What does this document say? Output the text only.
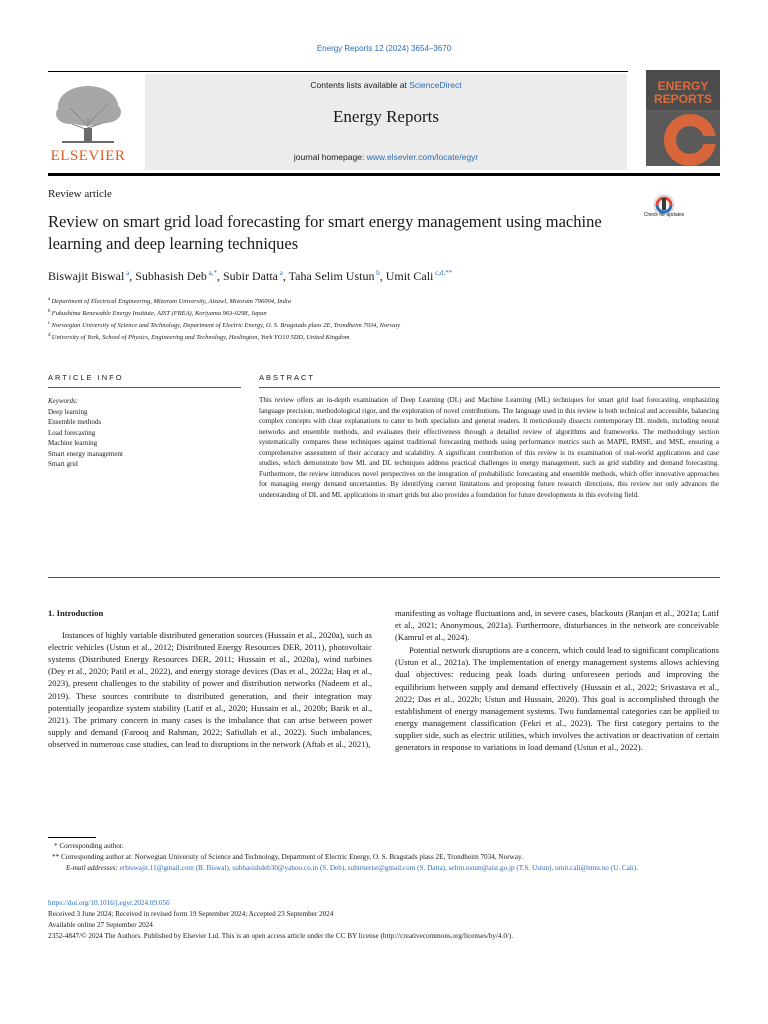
Energy Reports 12 (2024) 3654–3670
ELSEVIER
Contents lists available at ScienceDirect
Energy Reports
journal homepage: www.elsevier.com/locate/egyr
ENERGY
REPORTS
Review article
Review on smart grid load forecasting for smart energy management using machine learning and deep learning techniques
Check for updates
Biswajit Biswal $^a$, Subhasish Deb $^{a,*}$, Subir Datta $^a$, Taha Selim Ustun $^b$, Umit Cali $^{c,d,**}$
$^a$ Department of Electrical Engineering, Mizoram University, Aizawl, Mizoram 796004, India
$^b$ Fukushima Renewable Energy Institute, AIST (FREA), Koriyama 963-0298, Japan
$^c$ Norwegian University of Science and Technology, Department of Electric Energy, O. S. Bragstads plass 2E, Trondheim 7034, Norway
$^d$ University of York, School of Physics, Engineering and Technology, Heslington, York YO10 5DD, United Kingdom
ARTICLE INFO	ABSTRACT
Keywords:
Deep learning
Ensemble methods
Load forecasting
Machine learning
Smart energy management
Smart grid
This review offers an in-depth examination of Deep Learning (DL) and Machine Learning (ML) techniques for smart grid load forecasting, emphasizing language precision, methodological rigor, and the exploration of novel contributions. The language used in this review is both technical and accessible, balancing complex concepts with clear explanations to cater to both specialists and general readers. It meticulously dissects contemporary DL models, including neural networks and ensemble methods, and evaluates their effectiveness through a detailed review of algorithms and frameworks. The methodology section systematically compares these techniques against traditional forecasting methods using performance metrics such as MAPE, RMSE, and MSE, ensuring a comprehensive assessment of their accuracy and scalability. A significant contribution of this review is its examination of real-world applications and case studies, which demonstrate how ML and DL techniques address practical challenges in energy management, such as grid stability and demand forecasting. Furthermore, the review introduces novel perspectives on the integration of probabilistic forecasting and ensemble methods, which offer innovative approaches for managing energy demand uncertainties. By identifying current limitations and proposing future research directions, this review not only advances the understanding of DL and ML applications in smart grids but also provides a foundation for future developments in this evolving field.
1. Introduction

Instances of highly variable distributed generation sources (Hussain et al., 2020a), such as electric vehicles (Ustun et al., 2012; Distributed Energy Resources DER, 2011), photovoltaic systems (Distributed Energy Resources DER, 2011; Hussain et al., 2020a), wind turbines (Dey et al., 2020; Patil et al., 2022), and energy storage devices (Das et al., 2022a; Haq et al., 2023), present challenges to the stability of power and distribution networks (Nadeem et al., 2019). These sources contribute to distributed generation, and their integration may potentially jeopardize system stability (Latif et al., 2020; Hussain et al., 2020b; Barik et al., 2021). The primary concern in many cases is the imbalance that can arise between power supply and demand (Farooq and Rahman, 2022; Safiullah et al., 2022). Such imbalances, observed in numerous case studies, can lead to disruptions in the network (Aftab et al., 2021),

manifesting as voltage fluctuations and, in severe cases, blackouts (Ranjan et al., 2021a; Latif et al., 2021; Anonymous, 2021a). Furthermore, disturbances in the network are conceivable (Kamrul et al., 2024).

Potential network disruptions are a concern, which could lead to significant complications (Ustun et al., 2021a). The implementation of energy management systems allows achieving dual objectives: reducing peak loads during unforeseen periods and improving the equilibrium between supply and demand effectively (Hussain et al., 2022; Srivastava et al., 2022; Das et al., 2022b; Ustun and Hussain, 2020). This goal is accomplished through the establishment of energy management systems. Two fundamental categories can be applied to energy management classification (Fekri et al., 2023). The first category pertains to the supplier side, such as electric utilities, which involves the activation or deactivation of certain generators in response to variations in load demand (Ustun et al., 2022).

* Corresponding author.
** Corresponding author at: Norwegian University of Science and Technology, Department of Electric Energy, O. S. Bragstads plass 2E, Trondheim 7034, Norway.
E-mail addresses: erbiswajit.11@gmail.com (B. Biswal), subhasishdeb30@yahoo.co.in (S. Deb), subirnerist@gmail.com (S. Datta), selim.ustun@aist.go.jp (T.S. Ustun), umit.cali@ntnu.no (U. Cali).
https://doi.org/10.1016/j.egyr.2024.09.056
Received 3 June 2024; Received in revised form 19 September 2024; Accepted 23 September 2024
Available online 27 September 2024
2352-4847/© 2024 The Authors. Published by Elsevier Ltd. This is an open access article under the CC BY license (http://creativecommons.org/licenses/by/4.0/).
